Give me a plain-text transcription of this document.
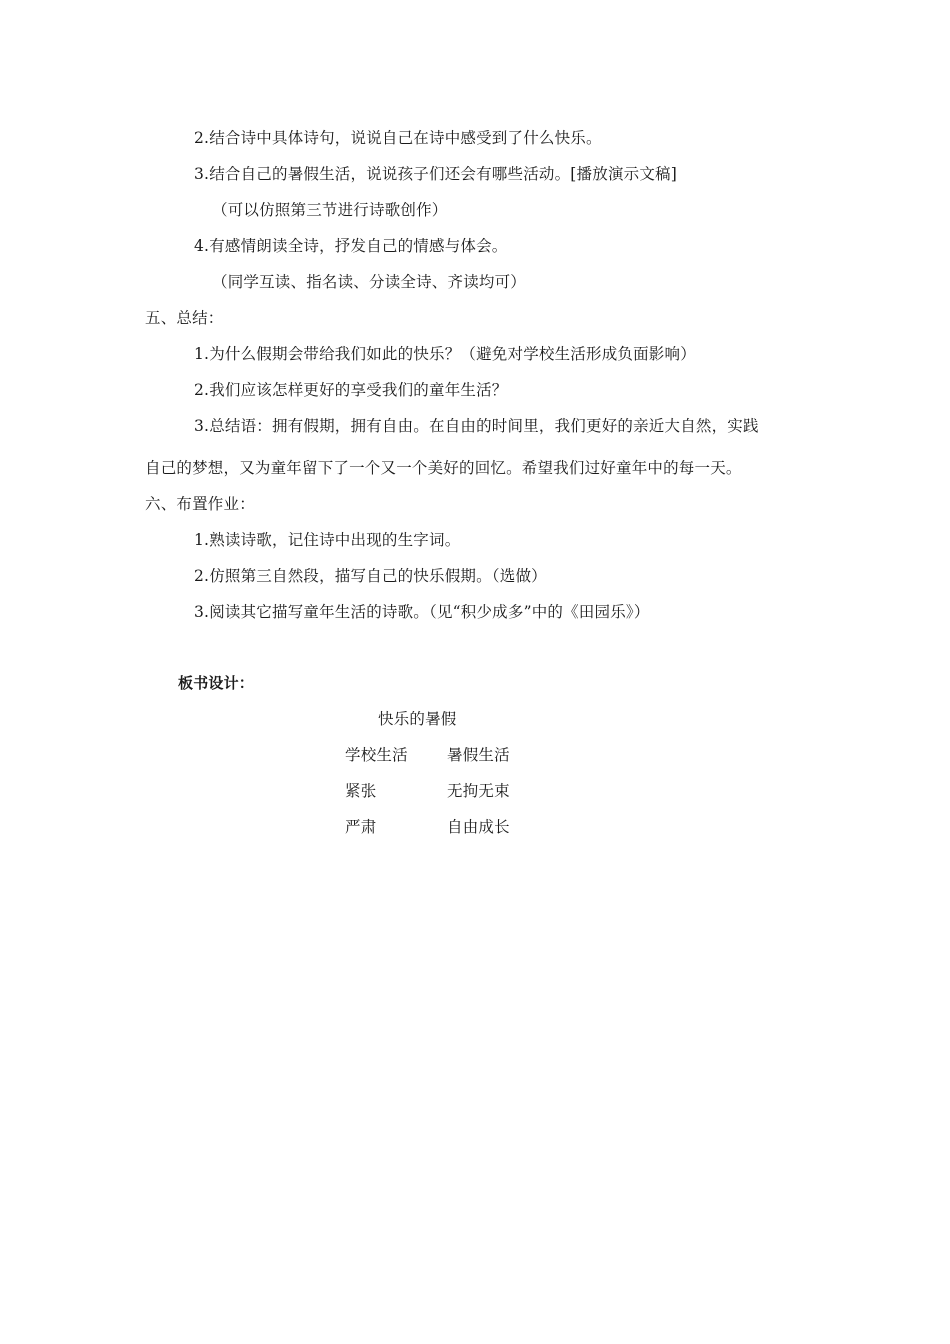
2.结合诗中具体诗句，说说自己在诗中感受到了什么快乐。
3.结合自己的暑假生活，说说孩子们还会有哪些活动。[播放演示文稿]
（可以仿照第三节进行诗歌创作）
4.有感情朗读全诗，抒发自己的情感与体会。
（同学互读、指名读、分读全诗、齐读均可）
五、总结：
1.为什么假期会带给我们如此的快乐？（避免对学校生活形成负面影响）
2.我们应该怎样更好的享受我们的童年生活？
3.总结语：拥有假期，拥有自由。在自由的时间里，我们更好的亲近大自然，实践
自己的梦想，又为童年留下了一个又一个美好的回忆。希望我们过好童年中的每一天。
六、布置作业：
1.熟读诗歌，记住诗中出现的生字词。
2.仿照第三自然段，描写自己的快乐假期。（选做）
3.阅读其它描写童年生活的诗歌。（见“积少成多”中的《田园乐》）
板书设计：
快乐的暑假
学校生活	暑假生活
紧张	无拘无束
严肃	自由成长
